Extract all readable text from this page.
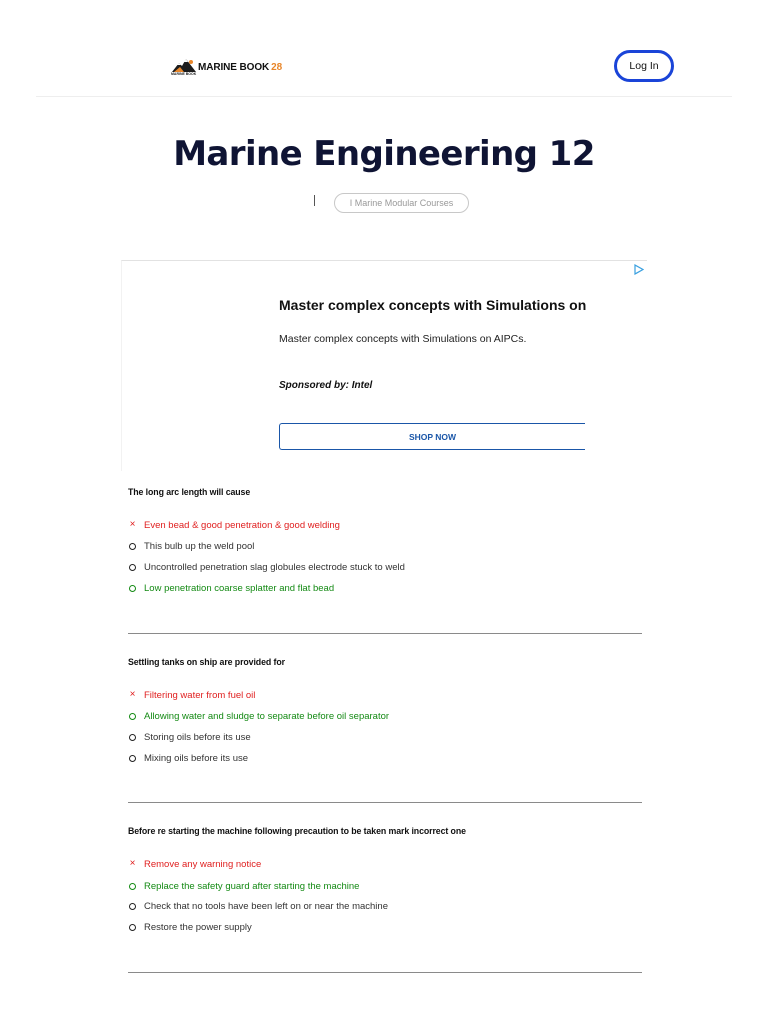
MARINE BOOK
MARINE BOOK 28	Log In
Marine Engineering 12
I Marine Modular Courses
Master complex concepts with Simulations on
Master complex concepts with Simulations on AIPCs.
Sponsored by: Intel
SHOP NOW
The long arc length will cause
× Even bead & good penetration & good welding
This bulb up the weld pool
Uncontrolled penetration slag globules electrode stuck to weld
Low penetration coarse splatter and flat bead
Settling tanks on ship are provided for
× Filtering water from fuel oil
Allowing water and sludge to separate before oil separator
Storing oils before its use
Mixing oils before its use
Before re starting the machine following precaution to be taken mark incorrect one
× Remove any warning notice
Replace the safety guard after starting the machine
Check that no tools have been left on or near the machine
Restore the power supply
